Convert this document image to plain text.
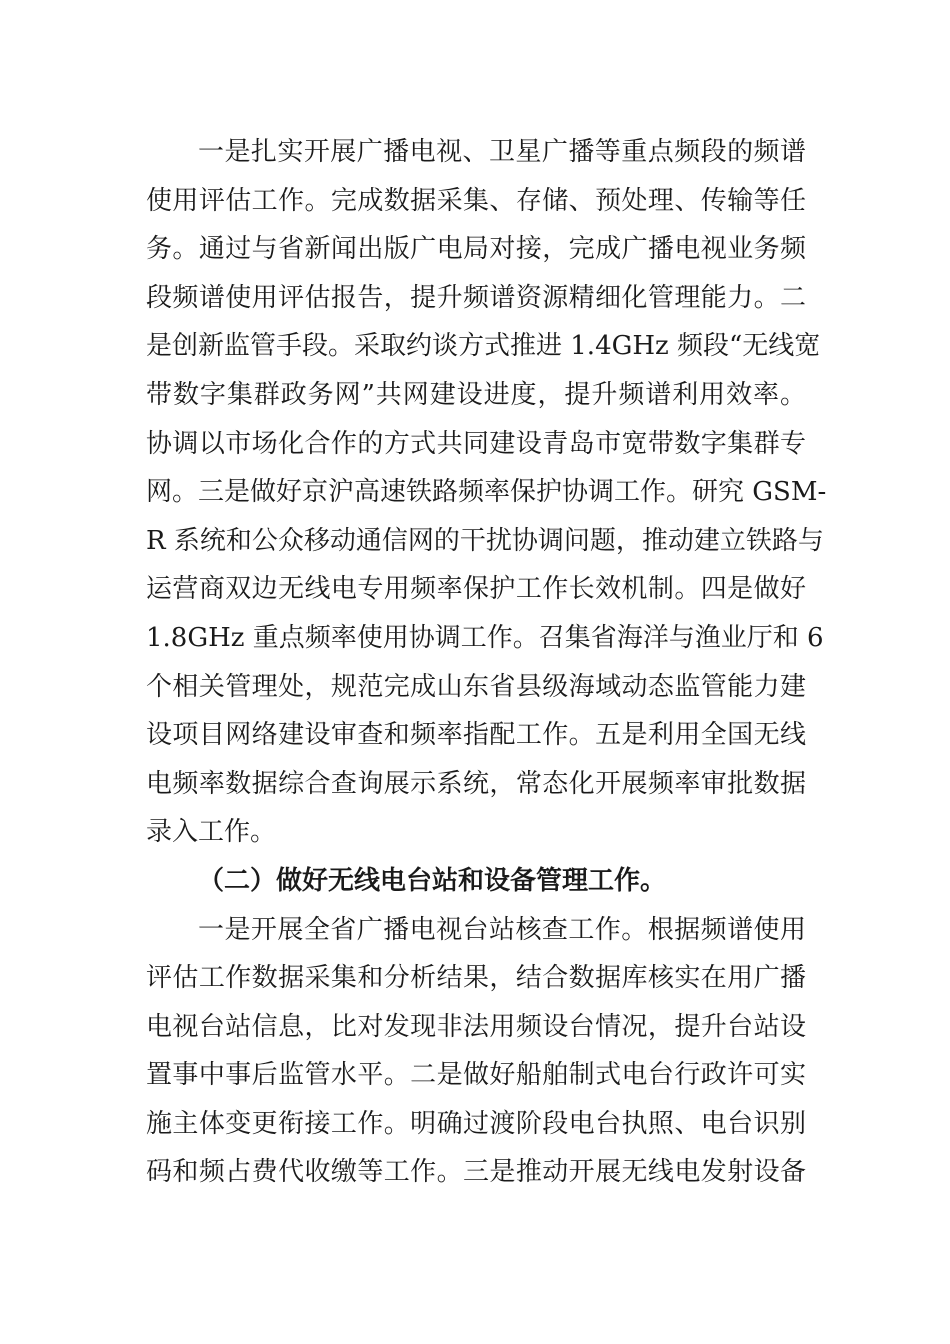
一是扎实开展广播电视、卫星广播等重点频段的频谱
使用评估工作。完成数据采集、存储、预处理、传输等任
务。通过与省新闻出版广电局对接，完成广播电视业务频
段频谱使用评估报告，提升频谱资源精细化管理能力。二
是创新监管手段。采取约谈方式推进 1.4GHz 频段“无线宽
带数字集群政务网”共网建设进度，提升频谱利用效率。
协调以市场化合作的方式共同建设青岛市宽带数字集群专
网。三是做好京沪高速铁路频率保护协调工作。研究 GSM-
R 系统和公众移动通信网的干扰协调问题，推动建立铁路与
运营商双边无线电专用频率保护工作长效机制。四是做好
1.8GHz 重点频率使用协调工作。召集省海洋与渔业厅和 6
个相关管理处，规范完成山东省县级海域动态监管能力建
设项目网络建设审查和频率指配工作。五是利用全国无线
电频率数据综合查询展示系统，常态化开展频率审批数据
录入工作。
（二）做好无线电台站和设备管理工作。
一是开展全省广播电视台站核查工作。根据频谱使用
评估工作数据采集和分析结果，结合数据库核实在用广播
电视台站信息，比对发现非法用频设台情况，提升台站设
置事中事后监管水平。二是做好船舶制式电台行政许可实
施主体变更衔接工作。明确过渡阶段电台执照、电台识别
码和频占费代收缴等工作。三是推动开展无线电发射设备
